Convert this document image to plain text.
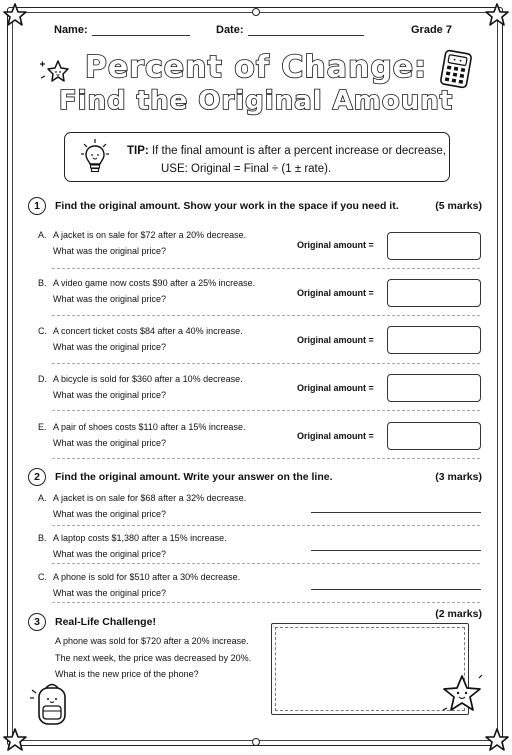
Name:	Date:	Grade 7
Percent of Change:
Find the Original Amount
TIP: If the final amount is after a percent increase or decrease,
USE: Original = Final ÷ (1 ± rate).
1	Find the original amount. Show your work in the space if you need it.	(5 marks)
A. A jacket is on sale for $72 after a 20% decrease.
What was the original price?
Original amount =
B. A video game now costs $90 after a 25% increase.
What was the original price?
Original amount =
C. A concert ticket costs $84 after a 40% increase.
What was the original price?
Original amount =
D. A bicycle is sold for $360 after a 10% decrease.
What was the original price?
Original amount =
E. A pair of shoes costs $110 after a 15% increase.
What was the original price?
Original amount =
2	Find the original amount. Write your answer on the line.	(3 marks)
A. A jacket is on sale for $68 after a 32% decrease.
What was the original price?
B. A laptop costs $1,380 after a 15% increase.
What was the original price?
C. A phone is sold for $510 after a 30% decrease.
What was the original price?
3	Real-Life Challenge!
(2 marks)
A phone was sold for $720 after a 20% increase.
The next week, the price was decreased by 20%.
What is the new price of the phone?
